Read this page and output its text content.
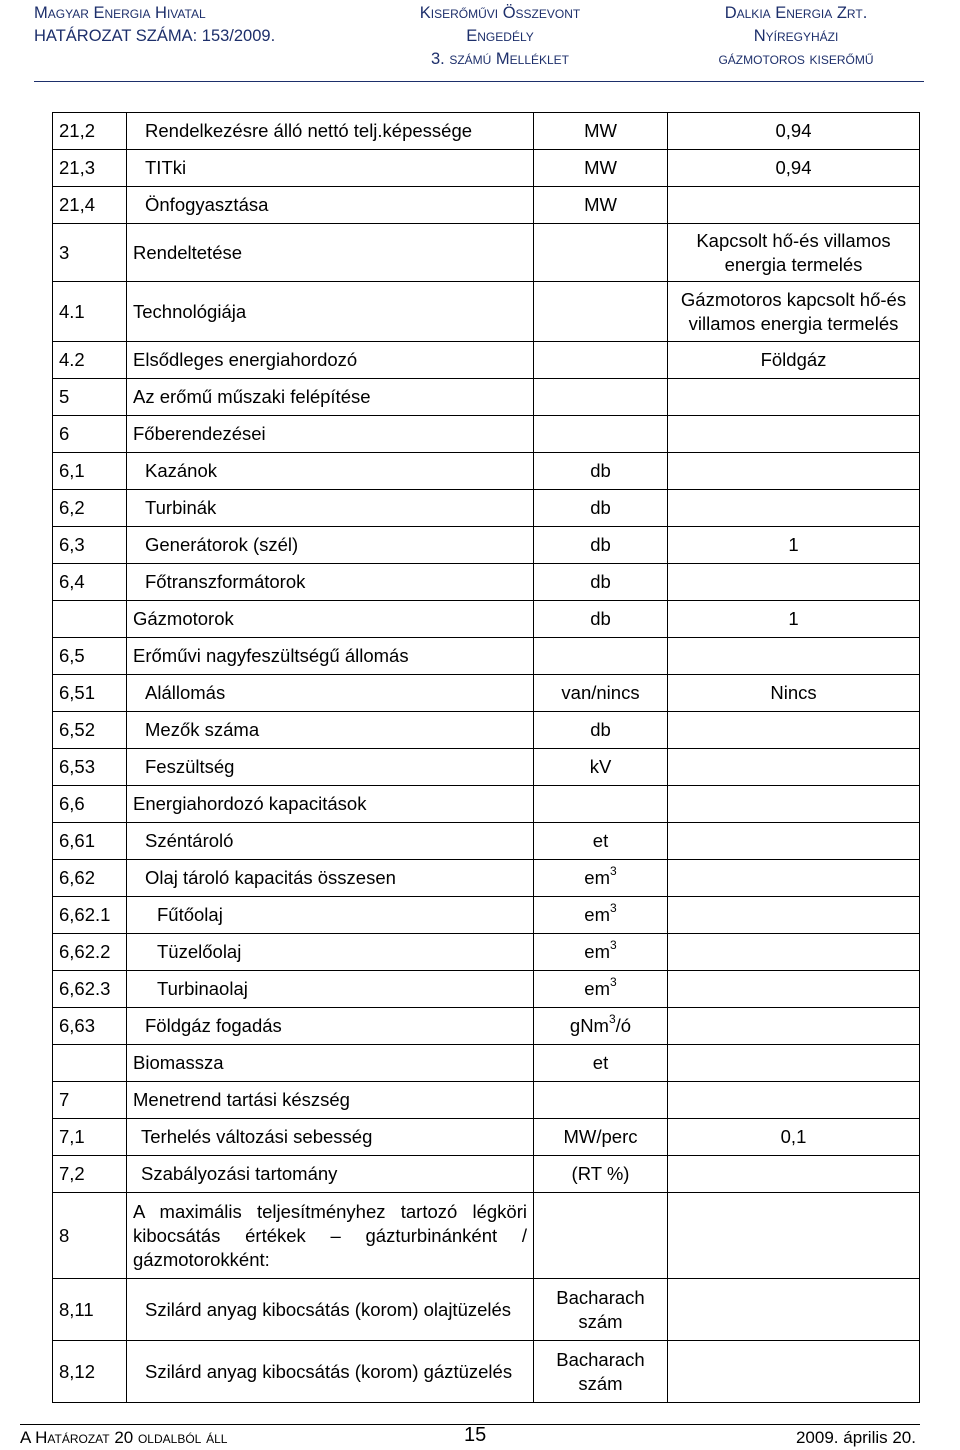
Magyar Energia Hivatal
HATÁROZAT SZÁMA: 153/2009.
Kiserőművi Összevont
Engedély
3. számú Melléklet
Dalkia Energia Zrt.
Nyíregyházi
gázmotoros kiserőmű
21,2	Rendelkezésre álló nettó telj.képessége	MW	0,94
21,3	TITki	MW	0,94
21,4	Önfogyasztása	MW	
3	Rendeltetése		Kapcsolt hő-és villamos energia termelés
4.1	Technológiája		Gázmotoros kapcsolt hő-és villamos energia termelés
4.2	Elsődleges energiahordozó		Földgáz
5	Az erőmű műszaki felépítése		
6	Főberendezései		
6,1	Kazánok	db	
6,2	Turbinák	db	
6,3	Generátorok (szél)	db	1
6,4	Főtranszformátorok	db	
	Gázmotorok	db	1
6,5	Erőművi nagyfeszültségű állomás		
6,51	Alállomás	van/nincs	Nincs
6,52	Mezők száma	db	
6,53	Feszültség	kV	
6,6	Energiahordozó kapacitások		
6,61	Széntároló	et	
6,62	Olaj tároló kapacitás összesen	$em^3$	
6,62.1	Fűtőolaj	$em^3$	
6,62.2	Tüzelőolaj	$em^3$	
6,62.3	Turbinaolaj	$em^3$	
6,63	Földgáz fogadás	gNm$^3$/ó	
	Biomassza	et	
7	Menetrend tartási készség		
7,1	Terhelés változási sebesség	MW/perc	0,1
7,2	Szabályozási tartomány	(RT %)	
8	A maximális teljesítményhez tartozó légköri kibocsátás értékek – gázturbinánként / gázmotorokként:		
8,11	Szilárd anyag kibocsátás (korom) olajtüzelés	Bacharach szám	
8,12	Szilárd anyag kibocsátás (korom) gáztüzelés	Bacharach szám	
A Határozat 20 oldalból áll	15	2009. április 20.
